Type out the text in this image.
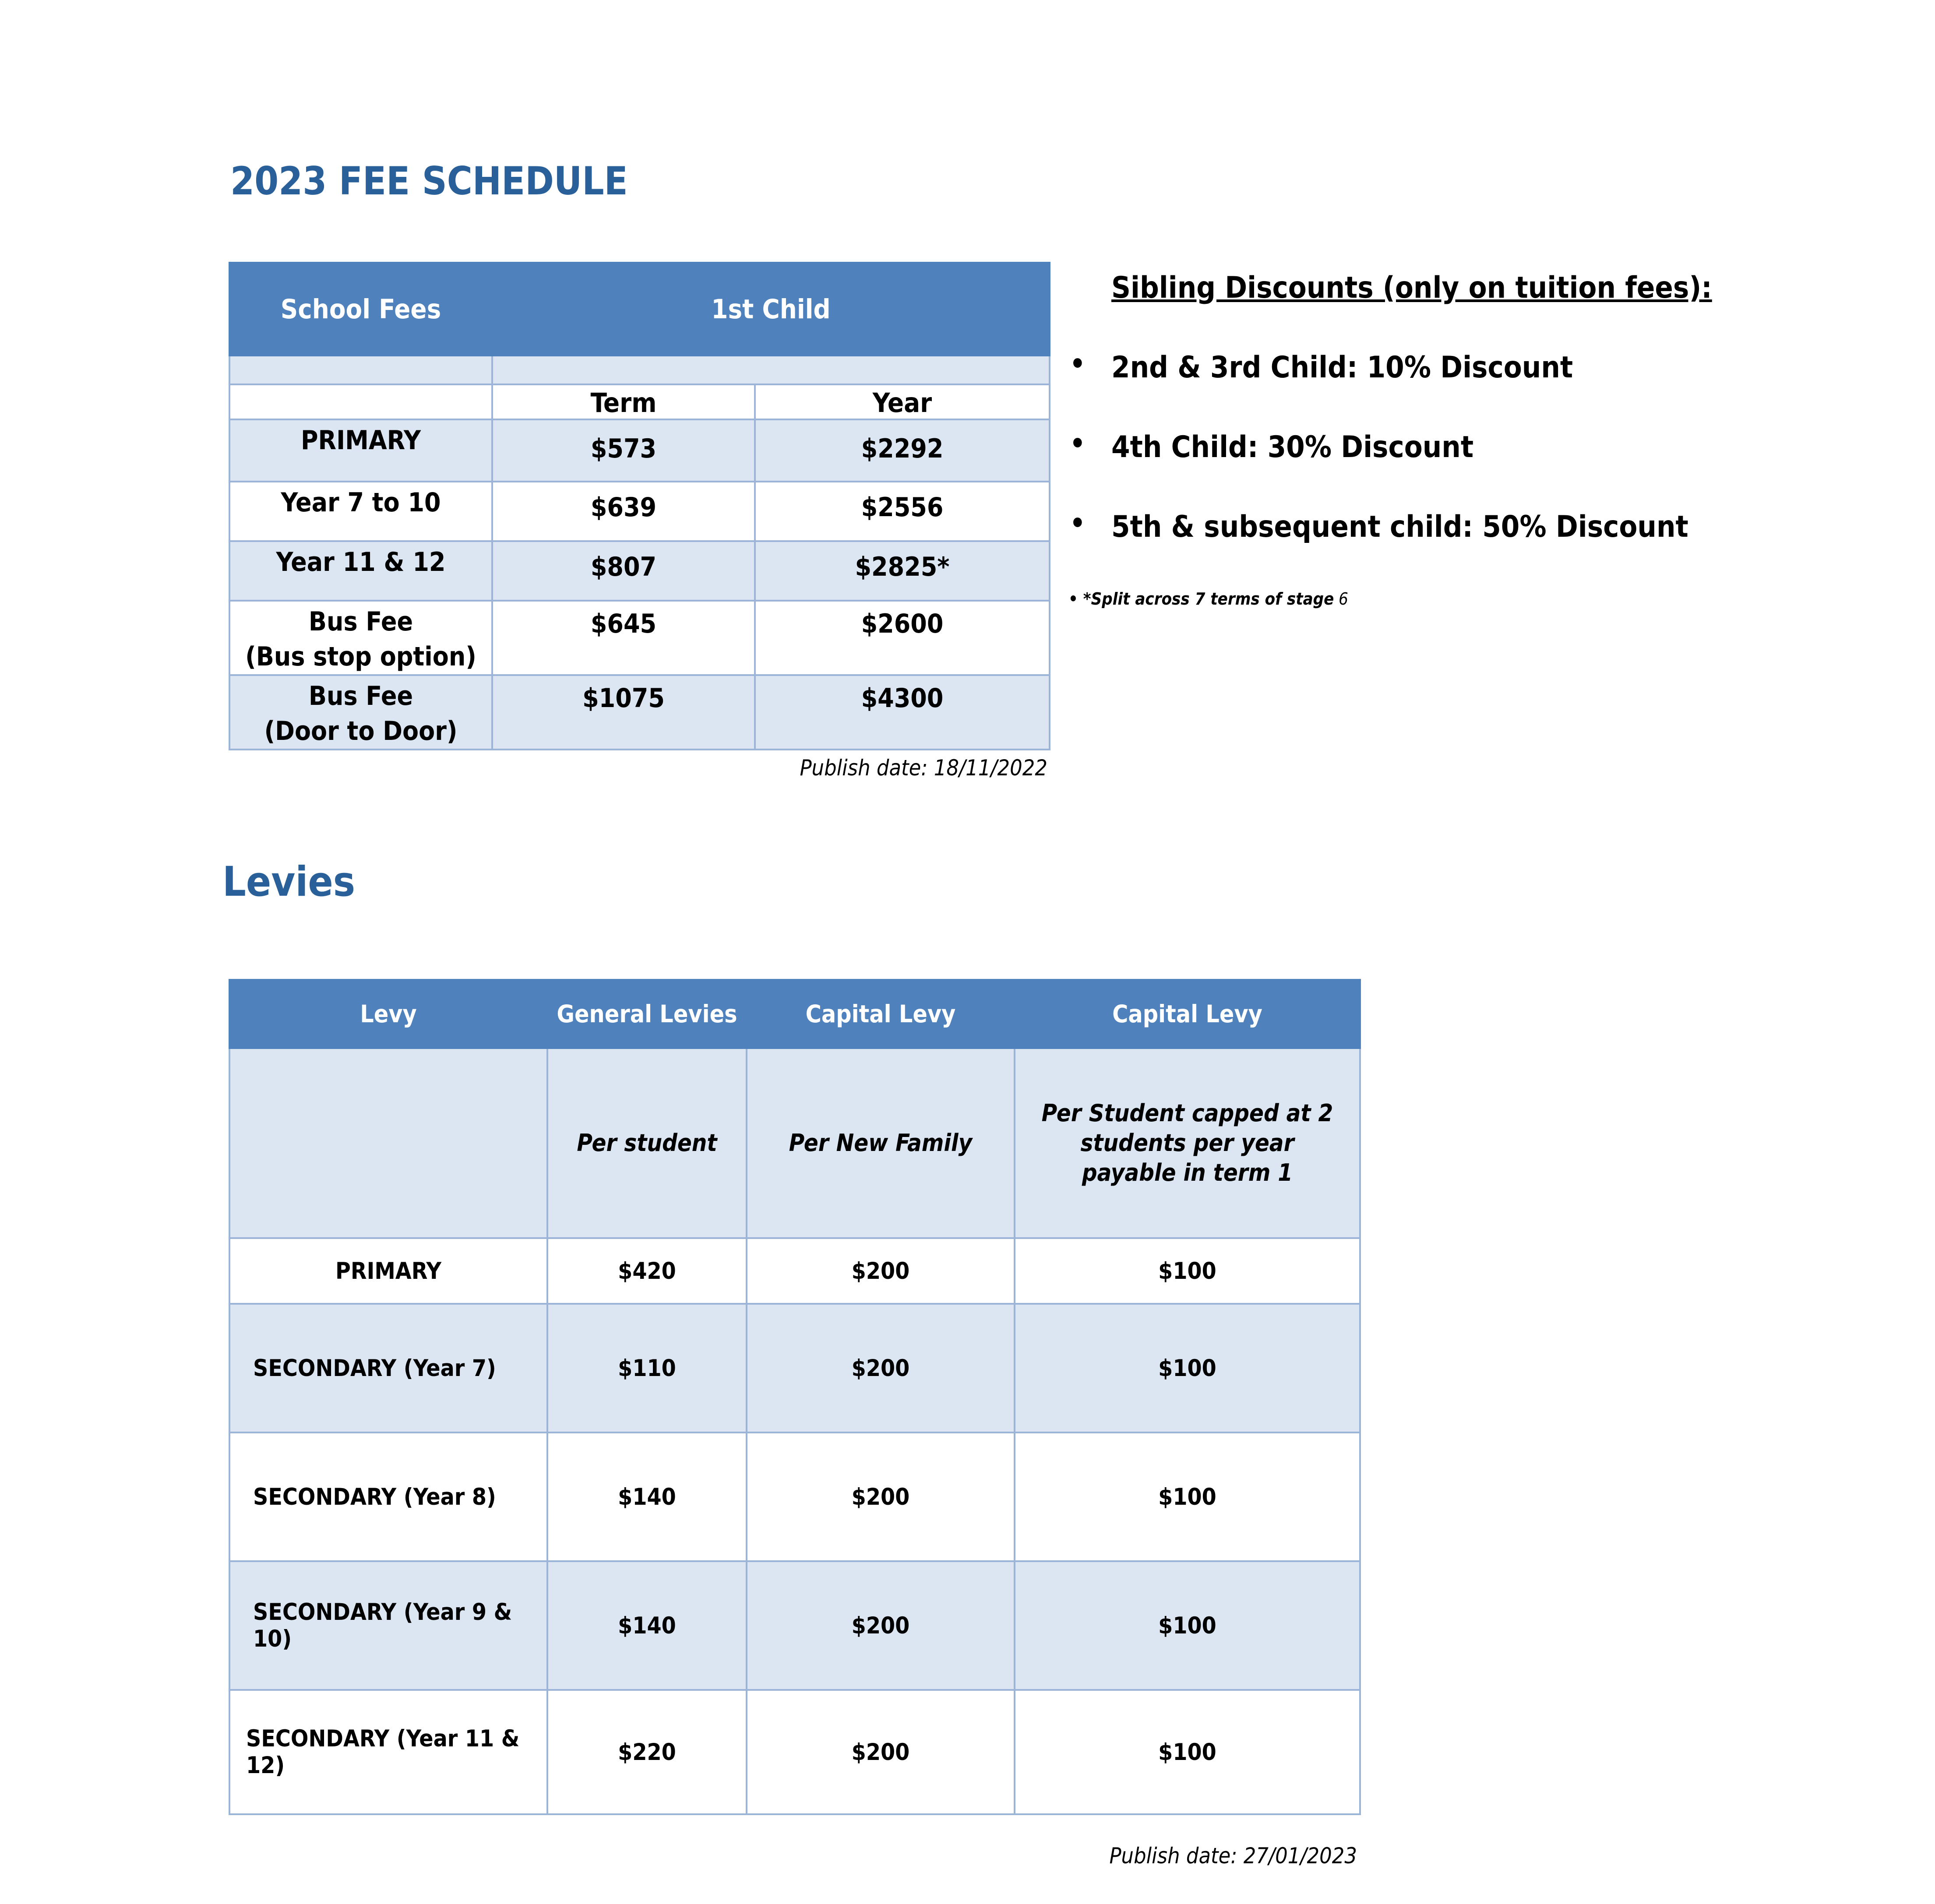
2023 FEE SCHEDULE
School Fees	1st Child	

	Term	Year

PRIMARY	$573	$2292

Year 7 to 10	$639	$2556

Year 11 & 12	$807	$2825*

Bus Fee
(Bus stop option)	$645	$2600

Bus Fee
(Door to Door)	$1075	$4300
Publish date: 18/11/2022
Sibling Discounts (only on tuition fees):
• 2nd & 3rd Child: 10% Discount
• 4th Child: 30% Discount
• 5th & subsequent child: 50% Discount
• *Split across 7 terms of stage 6
Levies
Levy	General Levies	Capital Levy	Capital Levy
	Per student	Per New Family	Per Student capped at 2 students per year payable in term 1
PRIMARY	$420	$200	$100
SECONDARY (Year 7)	$110	$200	$100
SECONDARY (Year 8)	$140	$200	$100
SECONDARY (Year 9 & 10)	$140	$200	$100
SECONDARY (Year 11 & 12)	$220	$200	$100
Publish date: 27/01/2023
